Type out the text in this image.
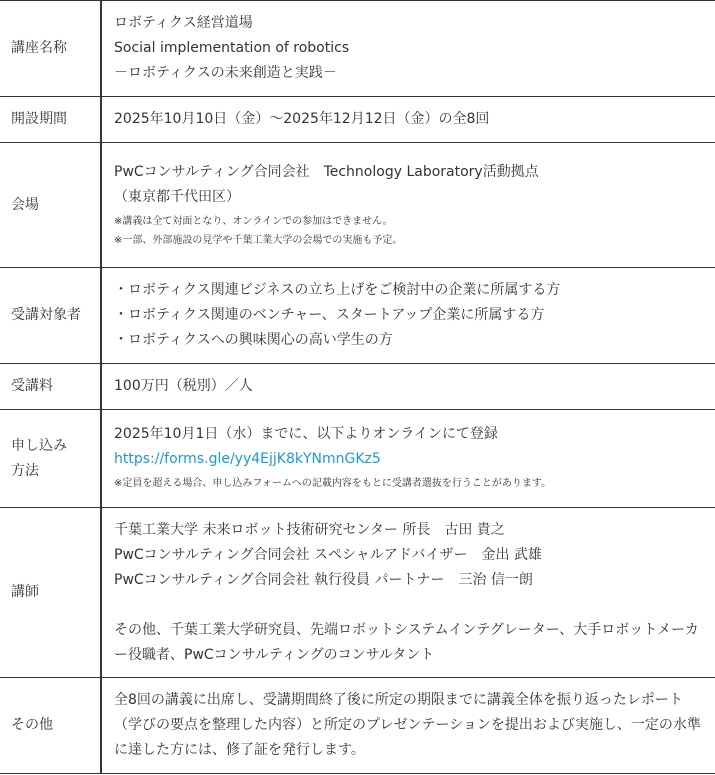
講座名称	ロボティクス経営道場
Social implementation of robotics
－ロボティクスの未来創造と実践－

開設期間	2025年10月10日（金）～2025年12月12日（金）の全8回
会場	PwCコンサルティング合同会社　Technology Laboratory活動拠点
（東京都千代田区）
※講義は全て対面となり、オンラインでの参加はできません。
※一部、外部施設の見学や千葉工業大学の会場での実施も予定。

受講対象者	・ロボティクス関連ビジネスの立ち上げをご検討中の企業に所属する方
・ロボティクス関連のベンチャー、スタートアップ企業に所属する方
・ロボティクスへの興味関心の高い学生の方

受講料	100万円（税別）／人

申し込み
方法	2025年10月1日（水）までに、以下よりオンラインにて登録
https://forms.gle/yy4EjjK8kYNmnGKz5
※定員を超える場合、申し込みフォームへの記載内容をもとに受講者選抜を行うことがあります。

講師	千葉工業大学 未来ロボット技術研究センター 所長　古田 貴之
PwCコンサルティング合同会社 スペシャルアドバイザー　金出 武雄
PwCコンサルティング合同会社 執行役員 パートナー　三治 信一朗
その他、千葉工業大学研究員、先端ロボットシステムインテグレーター、大手ロボットメーカー役職者、PwCコンサルティングのコンサルタント

その他	全8回の講義に出席し、受講期間終了後に所定の期限までに講義全体を振り返ったレポート（学びの要点を整理した内容）と所定のプレゼンテーションを提出および実施し、一定の水準に達した方には、修了証を発行します。
